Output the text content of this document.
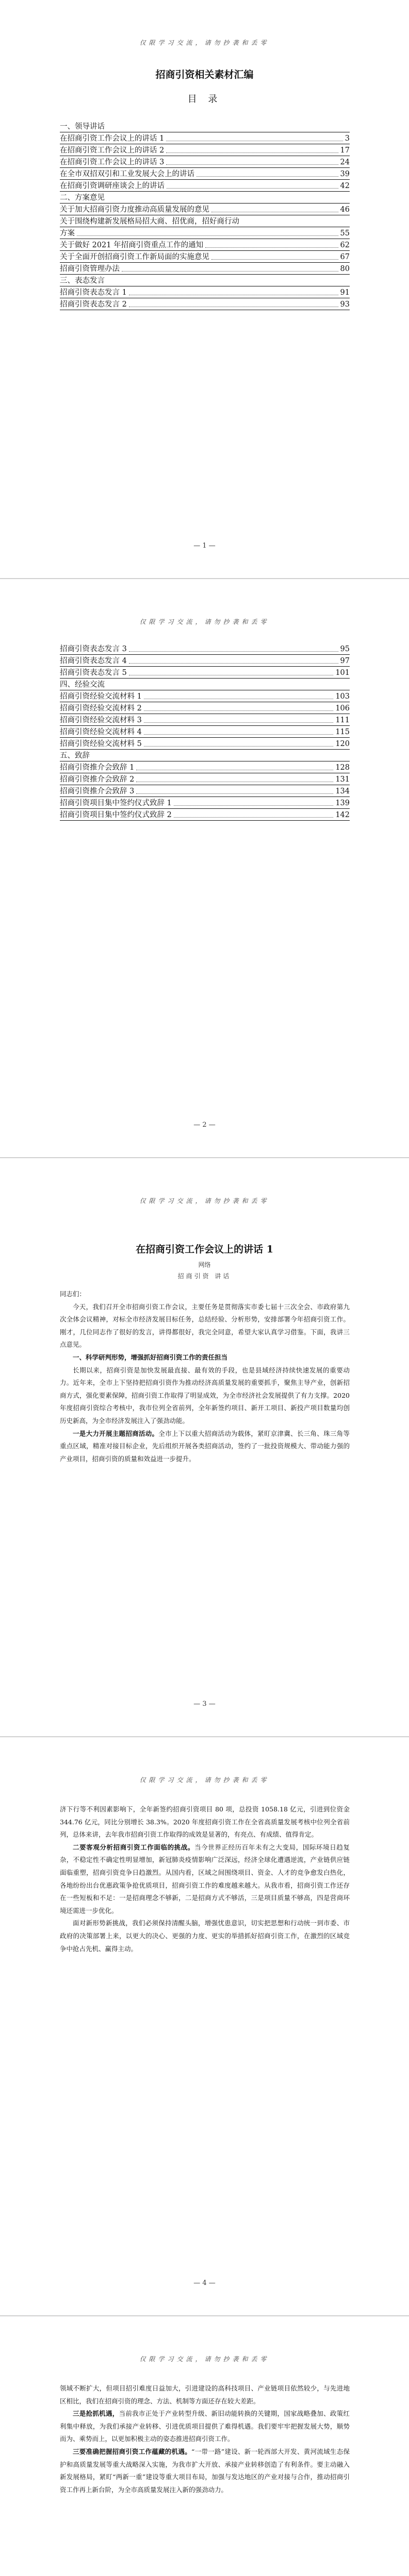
仅限学习交流，请勿抄袭和丢零
招商引资相关素材汇编
目 录
一、领导讲话
在招商引资工作会议上的讲话 1	3
在招商引资工作会议上的讲话 2	17
在招商引资工作会议上的讲话 3	24
在全市双招双引和工业发展大会上的讲话	39
在招商引资调研座谈会上的讲话	42
二、方案意见
关于加大招商引资力度推动高质量发展的意见	46
关于围绕构建新发展格局招大商、招优商，招好商行动
方案	55
关于做好 2021 年招商引资重点工作的通知	62
关于全面开创招商引资工作新局面的实施意见	67
招商引资管理办法	80
三、表态发言
招商引资表态发言 1	91
招商引资表态发言 2	93
— 1 —
仅限学习交流，请勿抄袭和丢零
招商引资表态发言 3	95
招商引资表态发言 4	97
招商引资表态发言 5	101
四、经验交流
招商引资经验交流材料 1	103
招商引资经验交流材料 2	106
招商引资经验交流材料 3	111
招商引资经验交流材料 4	115
招商引资经验交流材料 5	120
五、致辞
招商引资推介会致辞 1	128
招商引资推介会致辞 2	131
招商引资推介会致辞 3	134
招商引资项目集中签约仪式致辞 1	139
招商引资项目集中签约仪式致辞 2	142
— 2 —
仅限学习交流，请勿抄袭和丢零
— 3 —
在招商引资工作会议上的讲话 1
网络
招商引资 讲话

同志们：

今天，我们召开全市招商引资工作会议，主要任务是贯彻落实市委七届十三次全会、市政府第九次全体会议精神，对标全市经济发展目标任务，总结经验、分析形势，安排部署今年招商引资工作。刚才，几位同志作了很好的发言，讲得都很好，我完全同意，希望大家认真学习借鉴。下面，我讲三点意见。

一、科学研判形势，增强抓好招商引资工作的责任担当

长期以来，招商引资是加快发展最直接、最有效的手段，也是县域经济持续快速发展的重要动力。近年来，全市上下坚持把招商引资作为推动经济高质量发展的重要抓手，聚焦主导产业，创新招商方式，强化要素保障，招商引资工作取得了明显成效，为全市经济社会发展提供了有力支撑。2020 年度招商引资综合考核中，我市位列全省前列，全年新签约项目、新开工项目、新投产项目数量均创历史新高，为全市经济发展注入了强劲动能。

一是大力开展主题招商活动。全市上下以重大招商活动为载体，紧盯京津冀、长三角、珠三角等重点区域，精准对接目标企业，先后组织开展各类招商活动，签约了一批投资规模大、带动能力强的产业项目，招商引资的质量和效益进一步提升。

仅限学习交流，请勿抄袭和丢零
— 4 —

济下行等不利因素影响下，全年新签约招商引资项目 80 项，总投资 1058.18 亿元，引进到位资金 344.76 亿元，同比分别增长 38.3%。2020 年度招商引资工作在全省高质量发展考核中位列全省前列，总体来讲，去年我市招商引资工作取得的成效是显著的，有亮点、有成绩、值得肯定。

二要客观分析招商引资工作面临的挑战。当今世界正经历百年未有之大变局，国际环境日趋复杂，不稳定性不确定性明显增加，新冠肺炎疫情影响广泛深远，经济全球化遭遇逆流，产业链供应链面临重塑，招商引资竞争日趋激烈。从国内看，区域之间围绕项目、资金、人才的竞争愈发白热化，各地纷纷出台优惠政策争抢优质项目，招商引资工作的难度越来越大。从我市看，招商引资工作还存在一些短板和不足：一是招商理念不够新，二是招商方式不够活，三是项目质量不够高，四是营商环境还需进一步优化。

面对新形势新挑战，我们必须保持清醒头脑，增强忧患意识，切实把思想和行动统一到市委、市政府的决策部署上来，以更大的决心、更强的力度、更实的举措抓好招商引资工作，在激烈的区域竞争中抢占先机、赢得主动。

仅限学习交流，请勿抄袭和丢零

领域不断扩大，但项目招引难度日益加大，引进建设的高科技项目、产业链项目依然较少，与先进地区相比，我们在招商引资的理念、方法、机制等方面还存在较大差距。

三是抢抓机遇，当前我市正处于产业转型升级、新旧动能转换的关键期，国家战略叠加、政策红利集中释放，为我们承接产业转移、引进优质项目提供了难得机遇。我们要牢牢把握发展大势，顺势而为、乘势而上，以更加积极主动的姿态推进招商引资工作。

三要准确把握招商引资工作蕴藏的机遇。“一带一路”建设、新一轮西部大开发、黄河流域生态保护和高质量发展等重大战略深入实施，为我市扩大开放、承接产业转移创造了有利条件。要主动融入新发展格局，紧盯“两新一重”建设等重大项目布局，加强与发达地区的产业对接与合作，推动招商引资工作再上新台阶，为全市高质量发展注入新的强劲动力。
